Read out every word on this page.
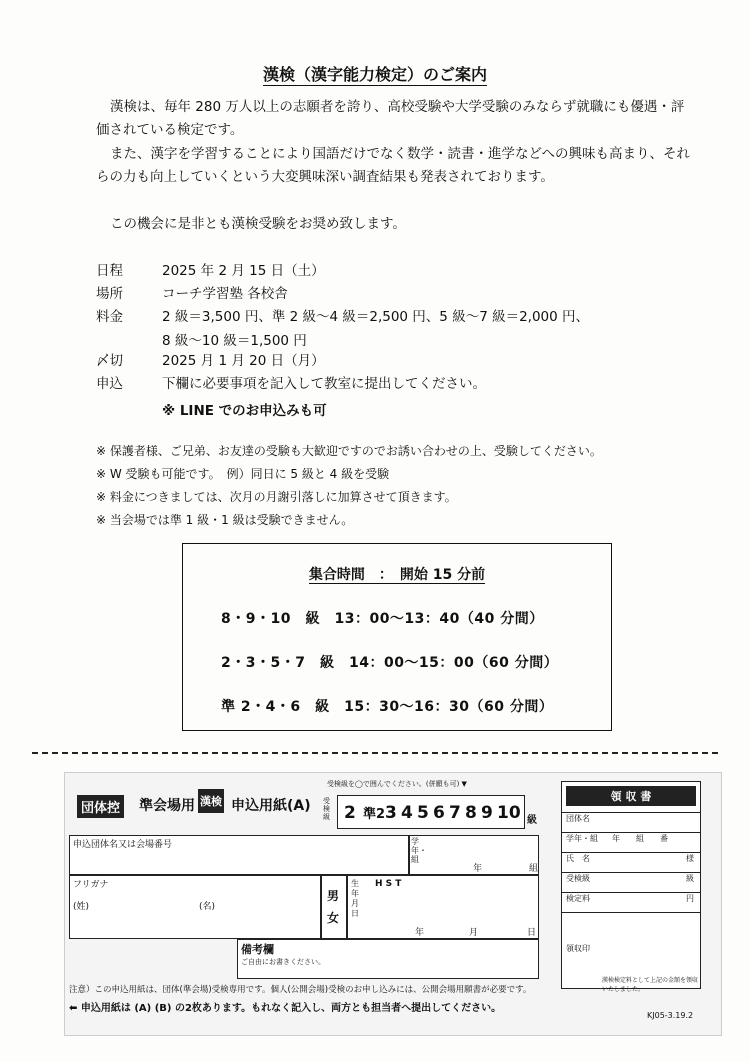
漢検（漢字能力検定）のご案内
漢検は、毎年 280 万人以上の志願者を誇り、高校受験や大学受験のみならず就職にも優遇・評価されている検定です。
また、漢字を学習することにより国語だけでなく数学・読書・進学などへの興味も高まり、それらの力も向上していくという大変興味深い調査結果も発表されております。
この機会に是非とも漢検受験をお奨め致します。
日程	2025 年 2 月 15 日（土）
場所	コーチ学習塾 各校舎
料金	2 級＝3,500 円、準 2 級～4 級＝2,500 円、5 級～7 級＝2,000 円、
8 級～10 級＝1,500 円
〆切	2025 月 1 月 20 日（月）
申込	下欄に必要事項を記入して教室に提出してください。
※ LINE でのお申込みも可
※ 保護者様、ご兄弟、お友達の受験も大歓迎ですのでお誘い合わせの上、受験してください。
※ W 受験も可能です。　例）同日に 5 級と 4 級を受験
※ 料金につきましては、次月の月謝引落しに加算させて頂きます。
※ 当会場では準 1 級・1 級は受験できません。
集合時間　：　開始 15 分前
8・9・10　級　13：00～13：40（40 分間）
2・3・5・7　級　14：00～15：00（60 分間）
準 2・4・6　級　15：30～16：30（60 分間）
団体控 準会場用 漢検 申込用紙(A)
受検級を◯で囲んでください。(併願も可) ▼
受検級 2 準2 3 4 5 6 7 8 9 10 級
申込団体名又は会場番号	学年・組
年	組
フリガナ
(姓)	(名)
男 女
生年月日
H S T
年	月	日
備考欄
ご自由にお書きください。
注意）この申込用紙は、団体(準会場)受検専用です。個人(公開会場)受検のお申し込みには、公開会場用願書が必要です。
⬅ 申込用紙は (A) (B) の2枚あります。もれなく記入し、両方とも担当者へ提出してください。
KJ05-3.19.2
領 収 書
団体名
学年・組 年　　組　　番
氏　名	様
受検級	級
検定料	円
領収印
漢検検定料として上記の金額を領収いたしました。
